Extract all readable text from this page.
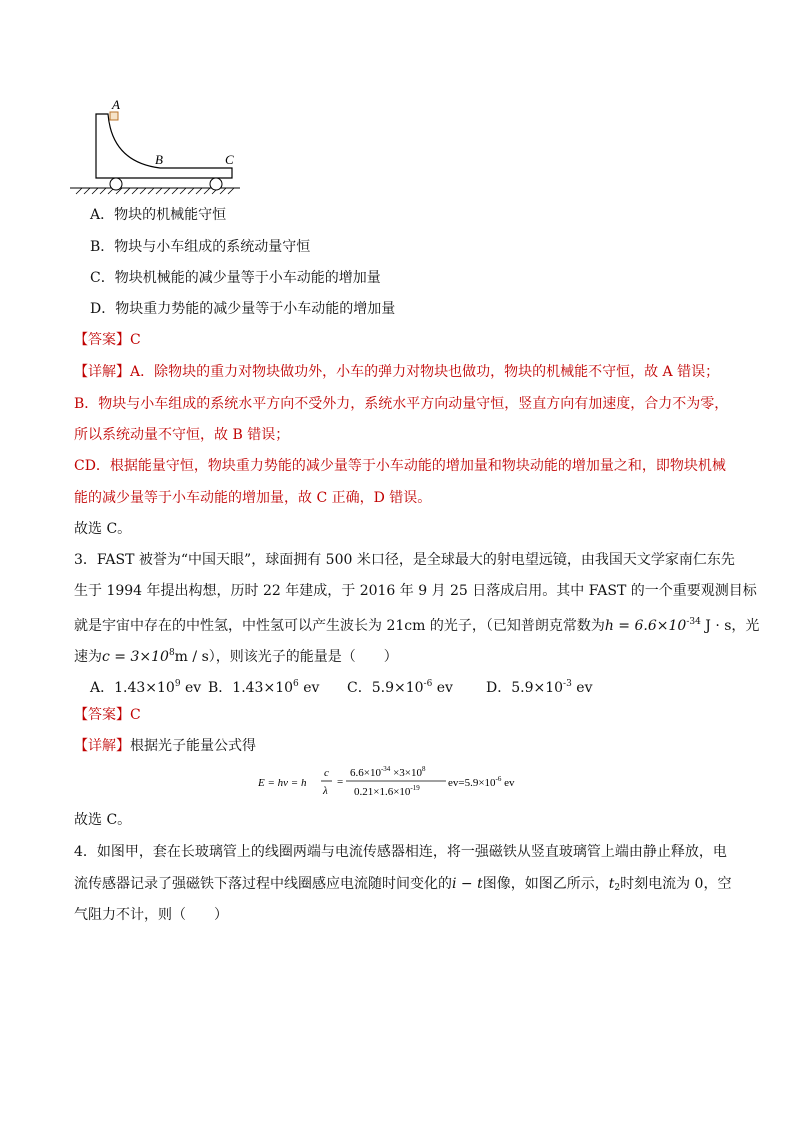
A
B	C
A．物块的机械能守恒
B．物块与小车组成的系统动量守恒
C．物块机械能的减少量等于小车动能的增加量
D．物块重力势能的减少量等于小车动能的增加量
【答案】C
【详解】A．除物块的重力对物块做功外，小车的弹力对物块也做功，物块的机械能不守恒，故 A 错误；
B．物块与小车组成的系统水平方向不受外力，系统水平方向动量守恒，竖直方向有加速度，合力不为零，
所以系统动量不守恒，故 B 错误；
CD．根据能量守恒，物块重力势能的减少量等于小车动能的增加量和物块动能的增加量之和，即物块机械
能的减少量等于小车动能的增加量，故 C 正确，D 错误。
故选 C。
3．FAST 被誉为“中国天眼”，球面拥有 500 米口径，是全球最大的射电望远镜，由我国天文学家南仁东先
生于 1994 年提出构想，历时 22 年建成，于 2016 年 9 月 25 日落成启用。其中 FAST 的一个重要观测目标
就是宇宙中存在的中性氢，中性氢可以产生波长为 21cm 的光子，（已知普朗克常数为$h = 6.6\times 10^{-34}$ J · s，光
速为$c = 3\times 10^8m / s$），则该光子的能量是（　　）
A．$1.43\times 10^9$ ev B．$1.43\times 10^6$ ev C．$5.9\times 10^{-6}$ ev D．$5.9\times 10^{-3}$ ev
【答案】C
【详解】根据光子能量公式得
E = hν = h
c
λ
=
$6.6\times 10^{-34} \times 3\times 10^8$
$0.21\times 1.6\times 10^{-19}$	$ev=5.9\times 10^{-6}$ ev
故选 C。
4．如图甲，套在长玻璃管上的线圈两端与电流传感器相连，将一强磁铁从竖直玻璃管上端由静止释放，电
流传感器记录了强磁铁下落过程中线圈感应电流随时间变化的i − t图像，如图乙所示，$t_2$时刻电流为 0，空
气阻力不计，则（　　）
